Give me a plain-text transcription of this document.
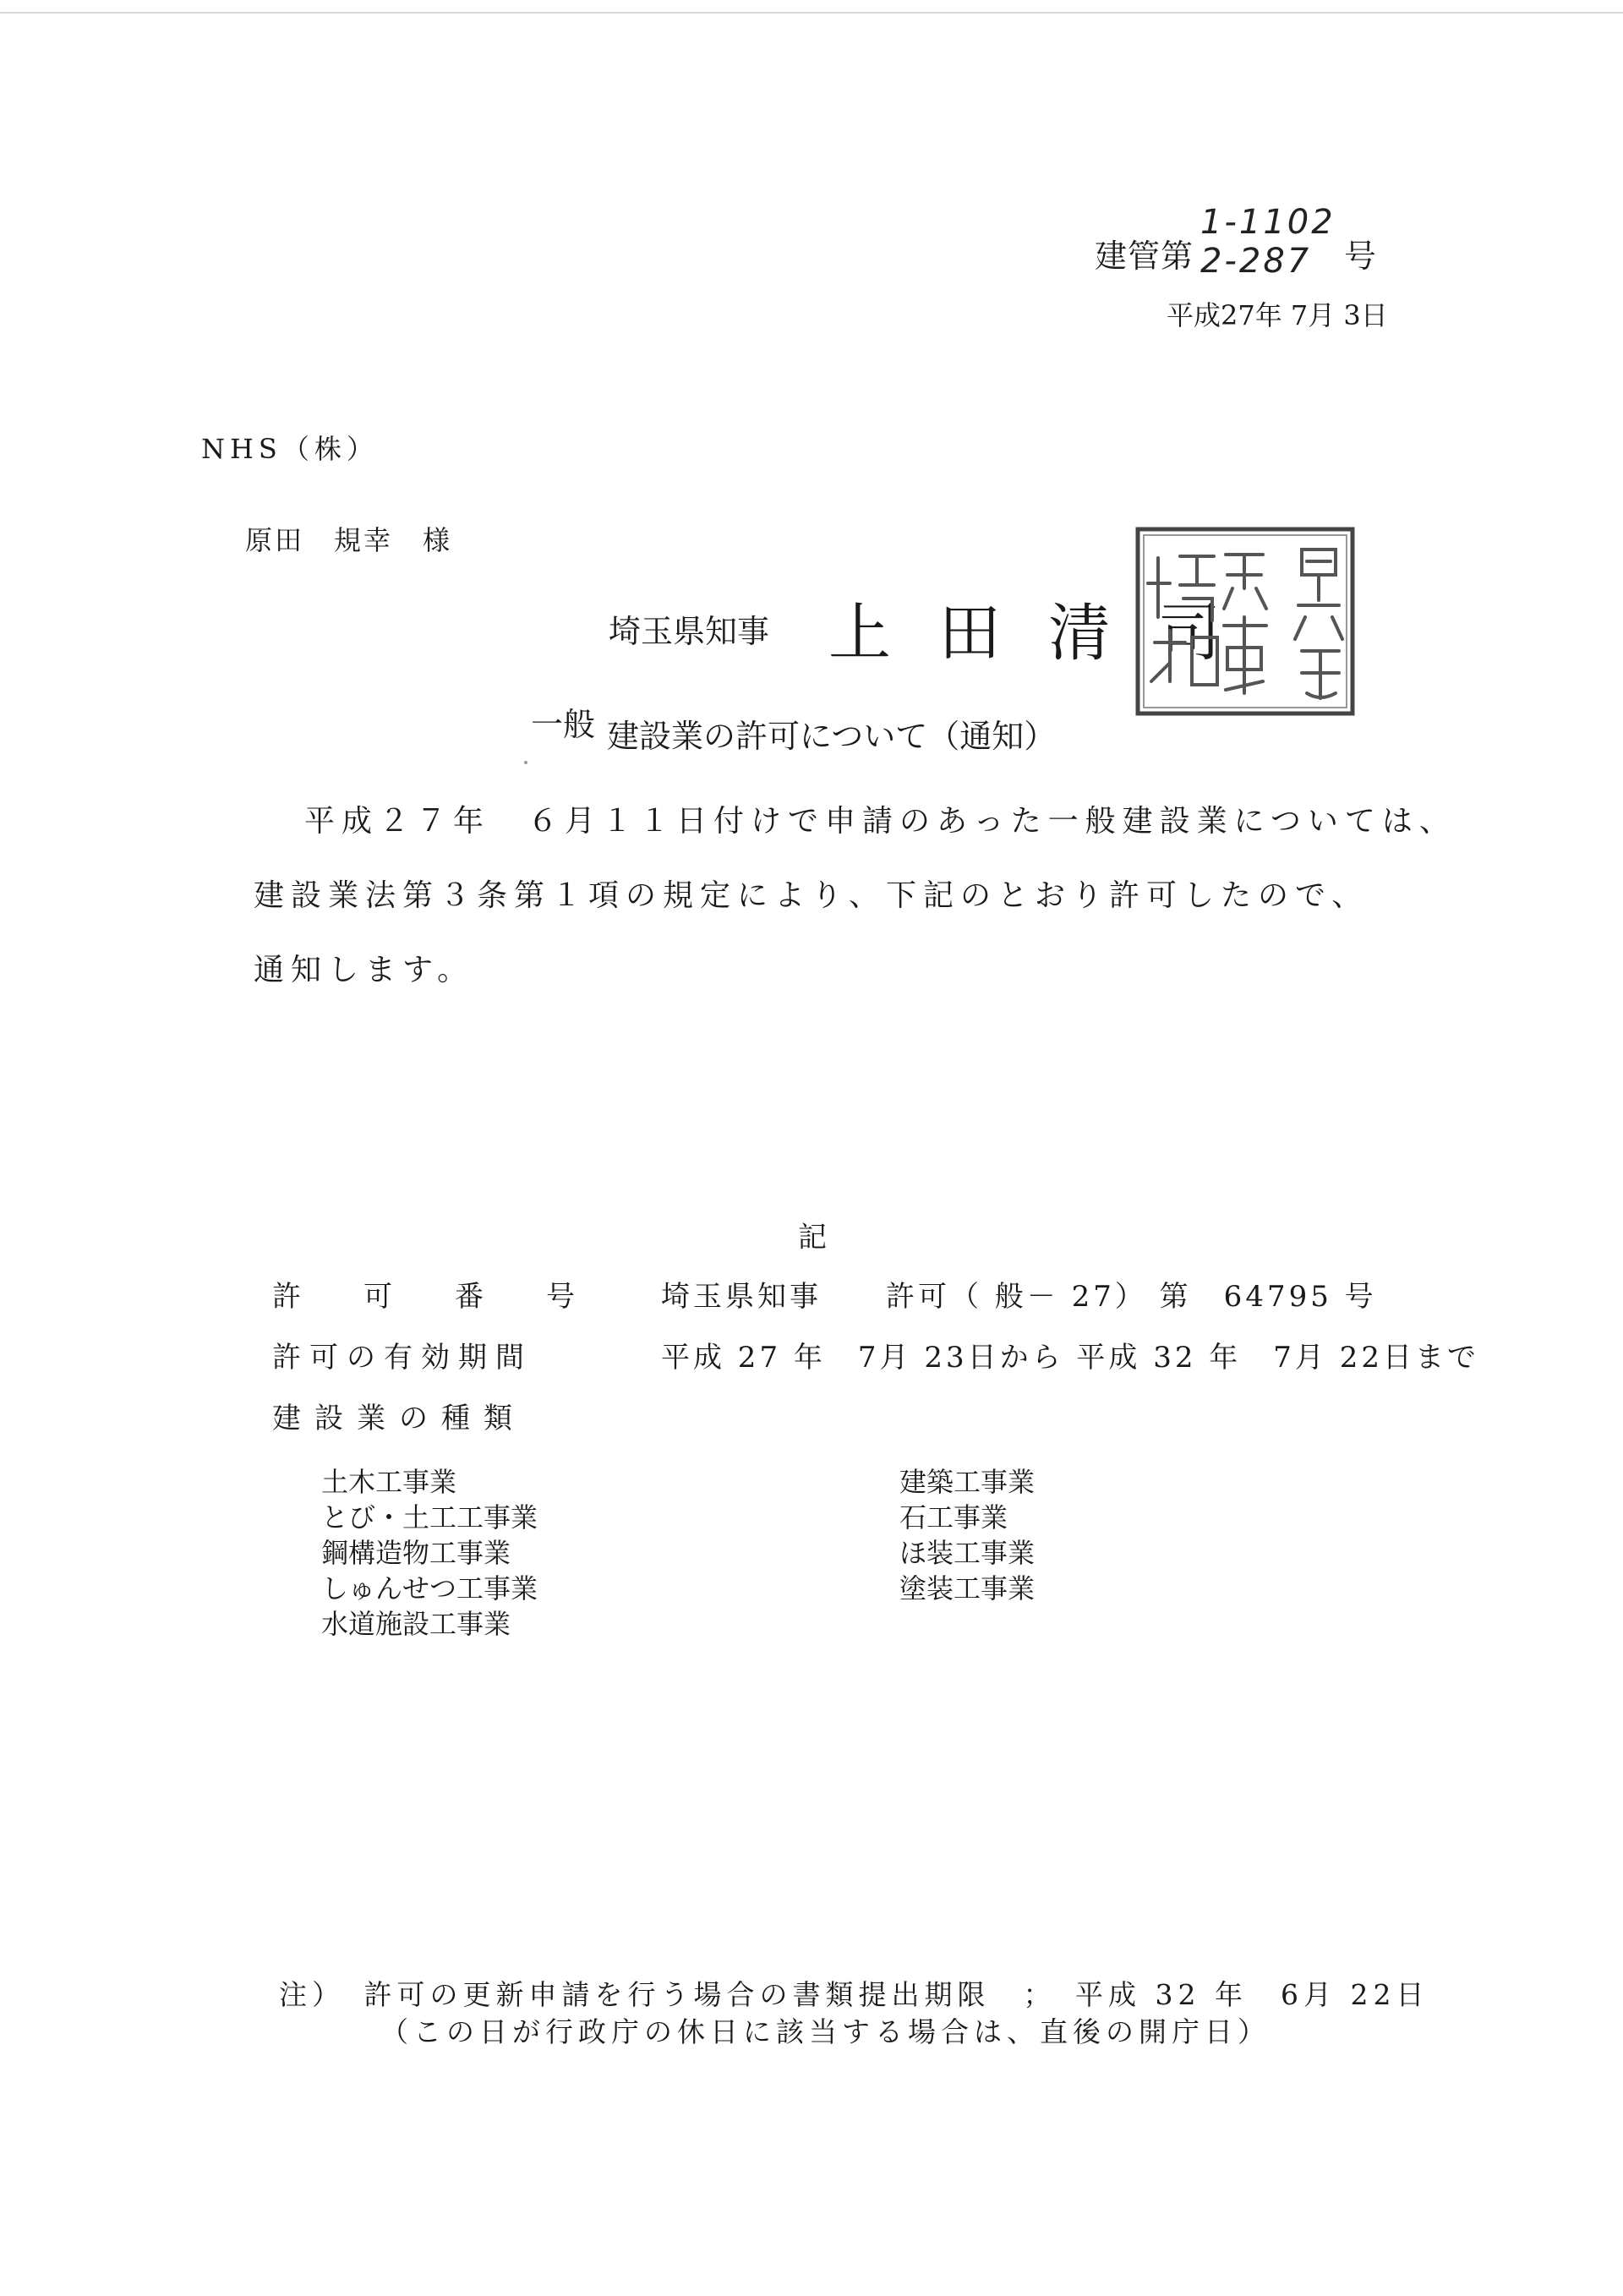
建管第
1-1102
2-287 号
平成27年 7月 3日
NHS（株）
原田　規幸　様
埼玉県知事 上田清司
一般 建設業の許可について（通知）

平成２７年　６月１１日付けで申請のあった一般建設業については、

建設業法第３条第１項の規定により、下記のとおり許可したので、

通知します。

記
許　可　番　号 埼玉県知事　　許可（ 般－ 27） 第　64795 号
許可の有効期間	平成 27 年　7月 23日から 平成 32 年　7月 22日まで
建設業の種類
土木工事業
とび・土工工事業
鋼構造物工事業
しゅんせつ工事業
水道施設工事業
建築工事業
石工事業
ほ装工事業
塗装工事業
注）　許可の更新申請を行う場合の書類提出期限　；　平成 32 年　6月 22日
（この日が行政庁の休日に該当する場合は、直後の開庁日）
